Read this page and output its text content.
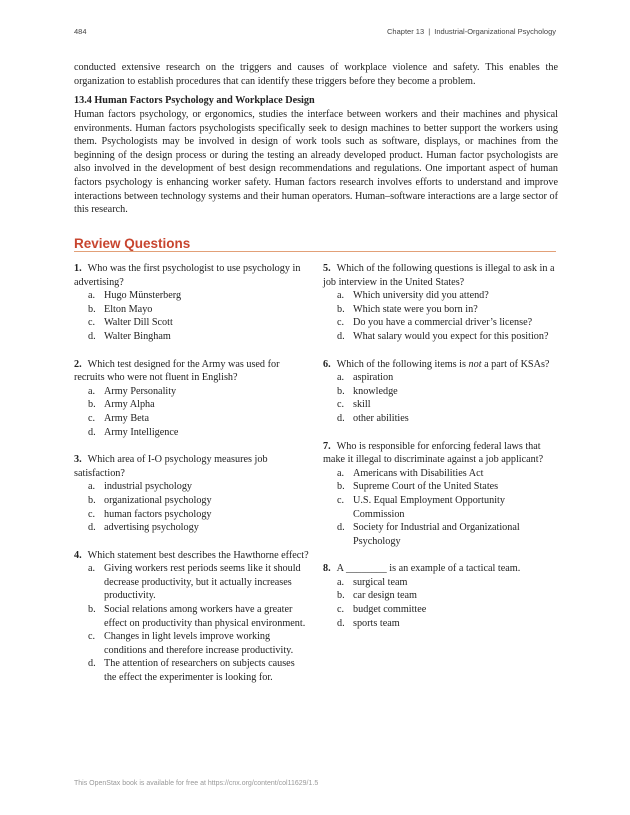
484	Chapter 13 | Industrial-Organizational Psychology

conducted extensive research on the triggers and causes of workplace violence and safety. This enables the organization to establish procedures that can identify these triggers before they become a problem.

13.4 Human Factors Psychology and Workplace Design

Human factors psychology, or ergonomics, studies the interface between workers and their machines and physical environments. Human factors psychologists specifically seek to design machines to better support the workers using them. Psychologists may be involved in design of work tools such as software, displays, or machines from the beginning of the design process or during the testing an already developed product. Human factor psychologists are also involved in the development of best design recommendations and regulations. One important aspect of human factors psychology is enhancing worker safety. Human factors research involves efforts to understand and improve interactions between technology systems and their human operators. Human–software interactions are a large sector of this research.

Review Questions

1. Who was the first psychologist to use psychology in advertising?

a. Hugo Münsterberg
b. Elton Mayo
c. Walter Dill Scott
d. Walter Bingham

2. Which test designed for the Army was used for recruits who were not fluent in English?

a. Army Personality
b. Army Alpha
c. Army Beta
d. Army Intelligence

3. Which area of I-O psychology measures job satisfaction?

a. industrial psychology
b. organizational psychology
c. human factors psychology
d. advertising psychology

4. Which statement best describes the Hawthorne effect?

a. Giving workers rest periods seems like it should decrease productivity, but it actually increases productivity.
b. Social relations among workers have a greater effect on productivity than physical environment.
c. Changes in light levels improve working conditions and therefore increase productivity.
d. The attention of researchers on subjects causes the effect the experimenter is looking for.

5. Which of the following questions is illegal to ask in a job interview in the United States?

a. Which university did you attend?
b. Which state were you born in?
c. Do you have a commercial driver’s license?
d. What salary would you expect for this position?

6. Which of the following items is not a part of KSAs?

a. aspiration
b. knowledge
c. skill
d. other abilities

7. Who is responsible for enforcing federal laws that make it illegal to discriminate against a job applicant?

a. Americans with Disabilities Act
b. Supreme Court of the United States
c. U.S. Equal Employment Opportunity Commission
d. Society for Industrial and Organizational Psychology

8. A ________ is an example of a tactical team.

a. surgical team
b. car design team
c. budget committee
d. sports team
This OpenStax book is available for free at https://cnx.org/content/col11629/1.5
